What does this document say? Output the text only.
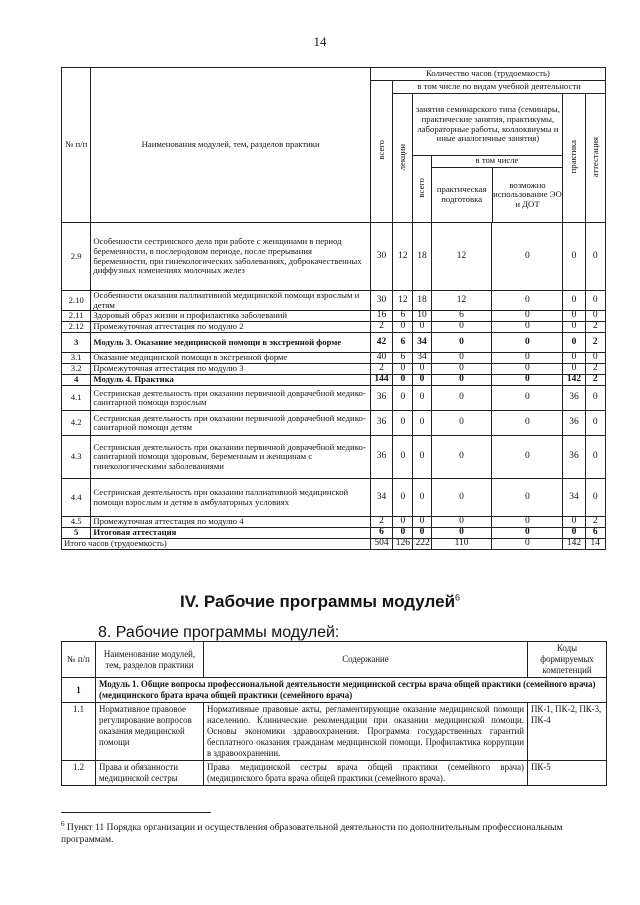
14
№ п/п	Наименования модулей, тем, разделов практики	Количество часов (трудоемкость)						
		всего	в том числе по видам учебной деятельности					
			лекции	занятия семинарского типа (семинары, практические занятия, практикумы, лабораторные работы, коллоквиумы и иные аналогичные занятия)			практика	аттестация
				всего	в том числе
практическая подготовка
возможно использование ЭО и ДОТ			

2.9	Особенности сестринского дела при работе с женщинами в период беременности, в послеродовом периоде, после прерывания беременности, при гинекологических заболеваниях, доброкачественных диффузных изменениях молочных желез	30	12	18	12	0	0	0
2.10	Особенности оказания паллиативной медицинской помощи взрослым и детям	30	12	18	12	0	0	0
2.11	Здоровый образ жизни и профилактика заболеваний	16	6	10	6	0	0	0
2.12	Промежуточная аттестация по модулю 2	2	0	0	0	0	0	2
3	Модуль 3. Оказание медицинской помощи в экстренной форме	42	6	34	0	0	0	2
3.1	Оказание медицинской помощи в экстренной форме	40	6	34	0	0	0	0
3.2	Промежуточная аттестация по модулю 3	2	0	0	0	0	0	2
4	Модуль 4. Практика	144	0	0	0	0	142	2
4.1	Сестринская деятельность при оказании первичной доврачебной медико-санитарной помощи взрослым	36	0	0	0	0	36	0
4.2	Сестринская деятельность при оказании первичной доврачебной медико-санитарной помощи детям	36	0	0	0	0	36	0
4.3	Сестринская деятельность при оказании первичной доврачебной медико-санитарной помощи здоровым, беременным и женщинам с гинекологическими заболеваниями	36	0	0	0	0	36	0
4.4	Сестринская деятельность при оказании паллиативной медицинской помощи взрослым и детям в амбулаторных условиях	34	0	0	0	0	34	0
4.5	Промежуточная аттестация по модулю 4	2	0	0	0	0	0	2
5	Итоговая аттестация	6	0	0	0	0	0	6
Итого часов (трудоемкость)		504	126	222	110	0	142	14
IV. Рабочие программы модулей$^6$
8. Рабочие программы модулей:
№ п/п	Наименование модулей, тем, разделов практики	Содержание	Коды формируемых компетенций
1	Модуль 1. Общие вопросы профессиональной деятельности медицинской сестры врача общей практики (семейного врача) (медицинского брата врача общей практики (семейного врача)		
1.1	Нормативное правовое регулирование вопросов оказания медицинской помощи	Нормативные правовые акты, регламентирующие оказание медицинской помощи населению. Клинические рекомендации при оказании медицинской помощи. Основы экономики здравоохранения. Программа государственных гарантий бесплатного оказания гражданам медицинской помощи. Профилактика коррупции в здравоохранении.	ПК-1, ПК-2, ПК-3, ПК-4
1.2	Права и обязанности медицинской сестры	Права медицинской сестры врача общей практики (семейного врача) (медицинского брата врача общей практики (семейного врача).	ПК-5
$^6$ Пункт 11 Порядка организации и осуществления образовательной деятельности по дополнительным профессиональным программам.
